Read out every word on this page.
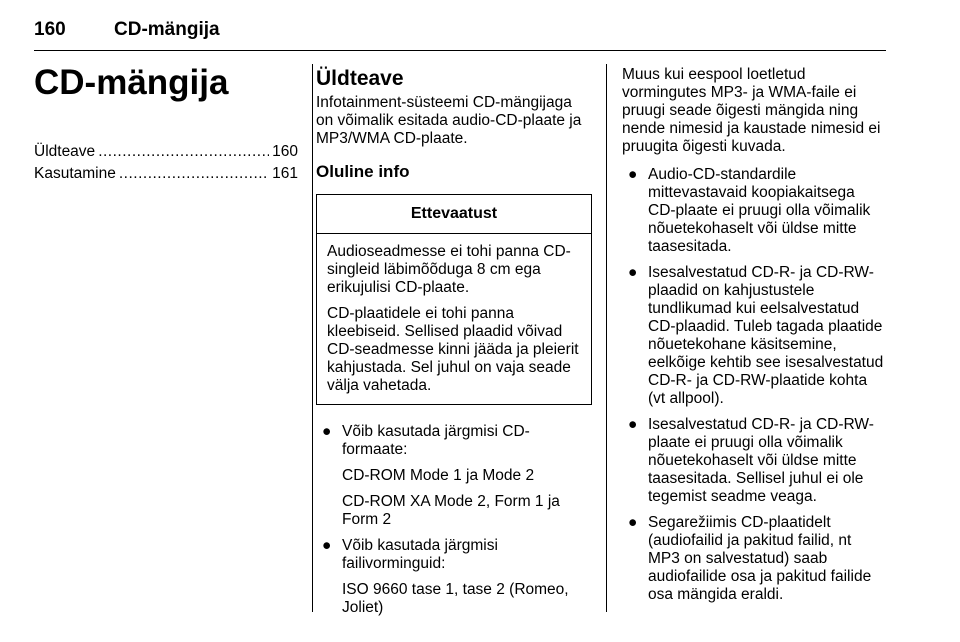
160	CD-mängija
CD-mängija
Üldteave .....	160
Kasutamine .....	161
Üldteave

Infotainment-süsteemi CD-mängijaga on võimalik esitada audio-CD-plaate ja MP3/WMA CD-plaate.

Oluline info
Ettevaatust

Audioseadmesse ei tohi panna CD-singleid läbimõõduga 8 cm ega erikujulisi CD-plaate.

CD-plaatidele ei tohi panna kleebiseid. Sellised plaadid võivad CD-seadmesse kinni jääda ja pleierit kahjustada. Sel juhul on vaja seade välja vahetada.

● Võib kasutada järgmisi CD-formaate:
CD-ROM Mode 1 ja Mode 2
CD-ROM XA Mode 2, Form 1 ja Form 2
● Võib kasutada järgmisi failivorminguid:
ISO 9660 tase 1, tase 2 (Romeo, Joliet)

Muus kui eespool loetletud vormingutes MP3- ja WMA-faile ei pruugi seade õigesti mängida ning nende nimesid ja kaustade nimesid ei pruugita õigesti kuvada.

● Audio-CD-standardile mittevastavaid koopiakaitsega CD-plaate ei pruugi olla võimalik nõuetekohaselt või üldse mitte taasesitada.
● Isesalvestatud CD-R- ja CD-RW-plaadid on kahjustustele tundlikumad kui eelsalvestatud CD-plaadid. Tuleb tagada plaatide nõuetekohane käsitsemine, eelkõige kehtib see isesalvestatud CD-R- ja CD-RW-plaatide kohta (vt allpool).
● Isesalvestatud CD-R- ja CD-RW-plaate ei pruugi olla võimalik nõuetekohaselt või üldse mitte taasesitada. Sellisel juhul ei ole tegemist seadme veaga.
● Segarežiimis CD-plaatidelt (audiofailid ja pakitud failid, nt MP3 on salvestatud) saab audiofailide osa ja pakitud failide osa mängida eraldi.
